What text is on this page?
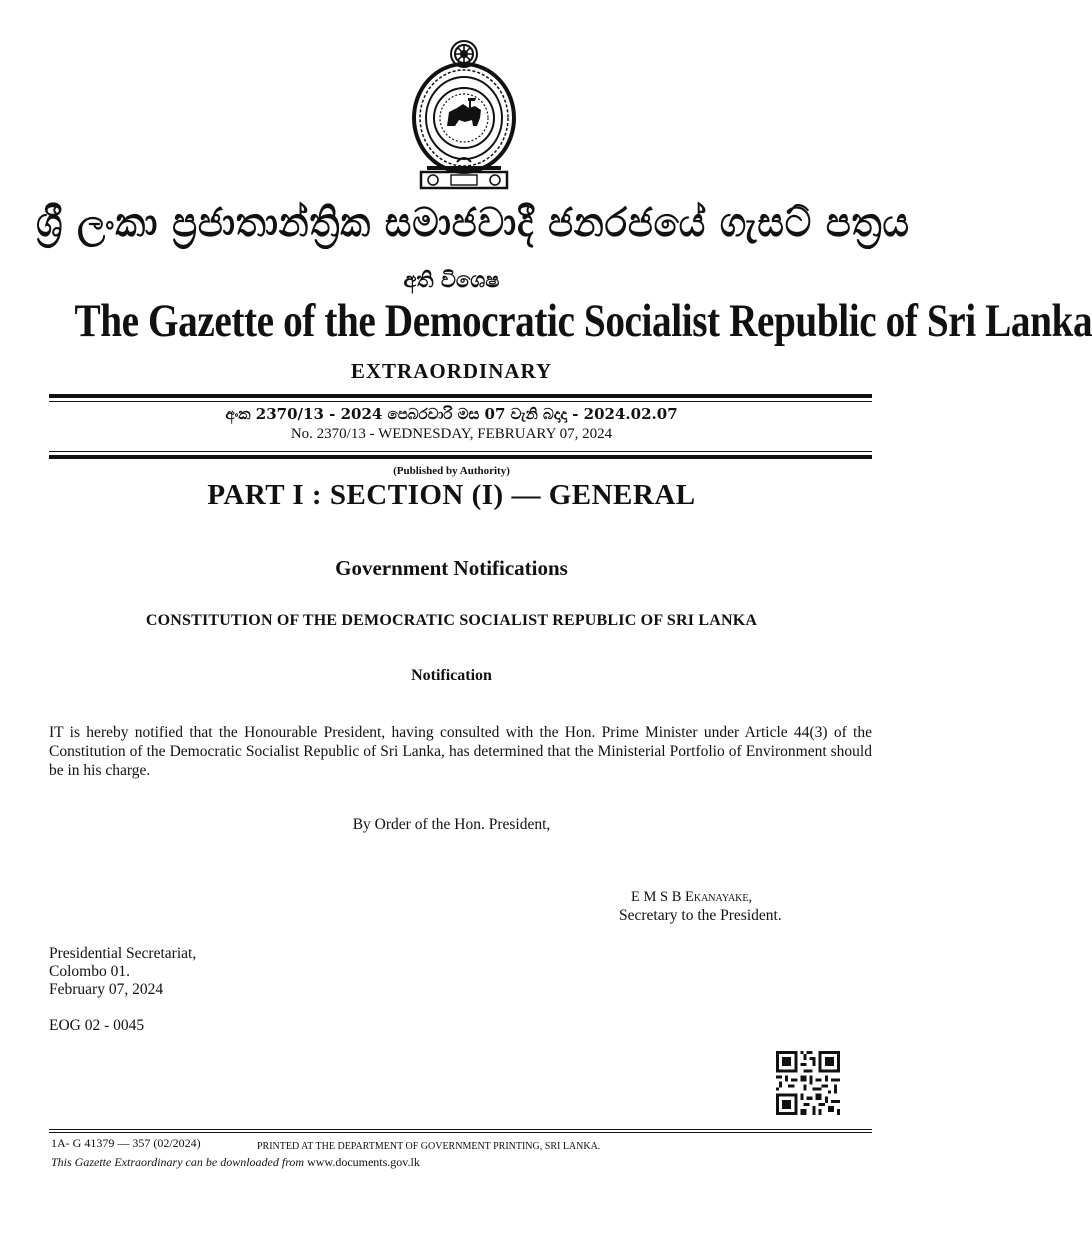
ශ්‍රී ලංකා ප්‍රජාතාන්ත්‍රික සමාජවාදී ජනරජයේ ගැසට් පත්‍රය
අති විශෙෂ
The Gazette of the Democratic Socialist Republic of Sri Lanka
EXTRAORDINARY
අංක 2370/13 - 2024 පෙබරවාරි මස 07 වැනි බදාදා - 2024.02.07
No. 2370/13 - WEDNESDAY, FEBRUARY 07, 2024
(Published by Authority)
PART I : SECTION (I) — GENERAL
Government Notifications
CONSTITUTION OF THE DEMOCRATIC SOCIALIST REPUBLIC OF SRI LANKA
Notification
IT is hereby notified that the Honourable President, having consulted with the Hon. Prime Minister under Article 44(3) of the Constitution of the Democratic Socialist Republic of Sri Lanka, has determined that the Ministerial Portfolio of Environment should be in his charge.
By Order of the Hon. President,
E M S B Ekanayake,
Secretary to the President.
Presidential Secretariat,
Colombo 01.
February 07, 2024
EOG 02 - 0045
1A- G 41379 — 357 (02/2024)	PRINTED AT THE DEPARTMENT OF GOVERNMENT PRINTING, SRI LANKA.
This Gazette Extraordinary can be downloaded from www.documents.gov.lk
